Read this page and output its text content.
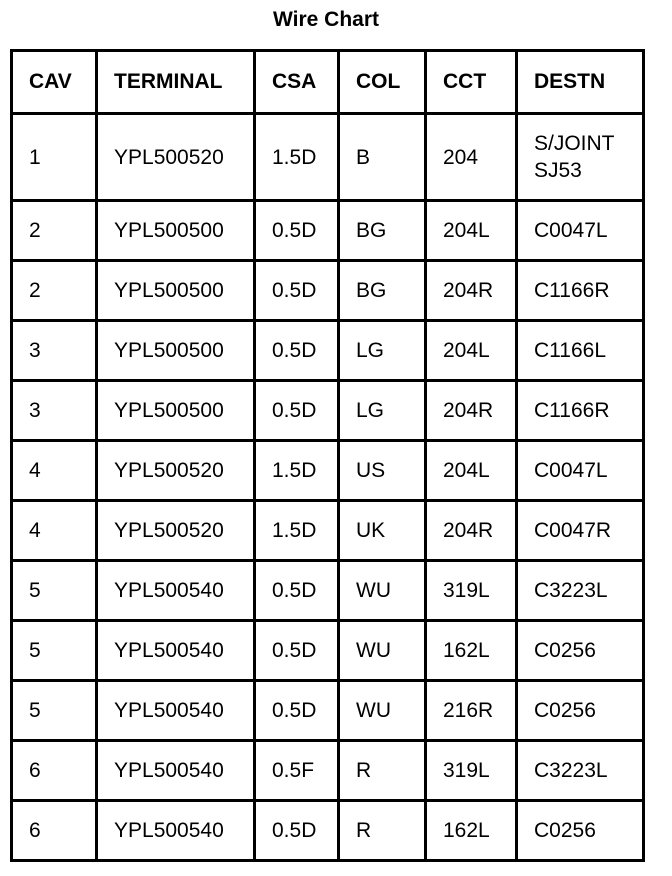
Wire Chart
CAV	TERMINAL	CSA	COL	CCT	DESTN
1	YPL500520	1.5D	B	204	S/JOINT
SJ53
2	YPL500500	0.5D	BG	204L	C0047L
2	YPL500500	0.5D	BG	204R	C1166R
3	YPL500500	0.5D	LG	204L	C1166L
3	YPL500500	0.5D	LG	204R	C1166R
4	YPL500520	1.5D	US	204L	C0047L
4	YPL500520	1.5D	UK	204R	C0047R
5	YPL500540	0.5D	WU	319L	C3223L
5	YPL500540	0.5D	WU	162L	C0256
5	YPL500540	0.5D	WU	216R	C0256
6	YPL500540	0.5F	R	319L	C3223L
6	YPL500540	0.5D	R	162L	C0256
